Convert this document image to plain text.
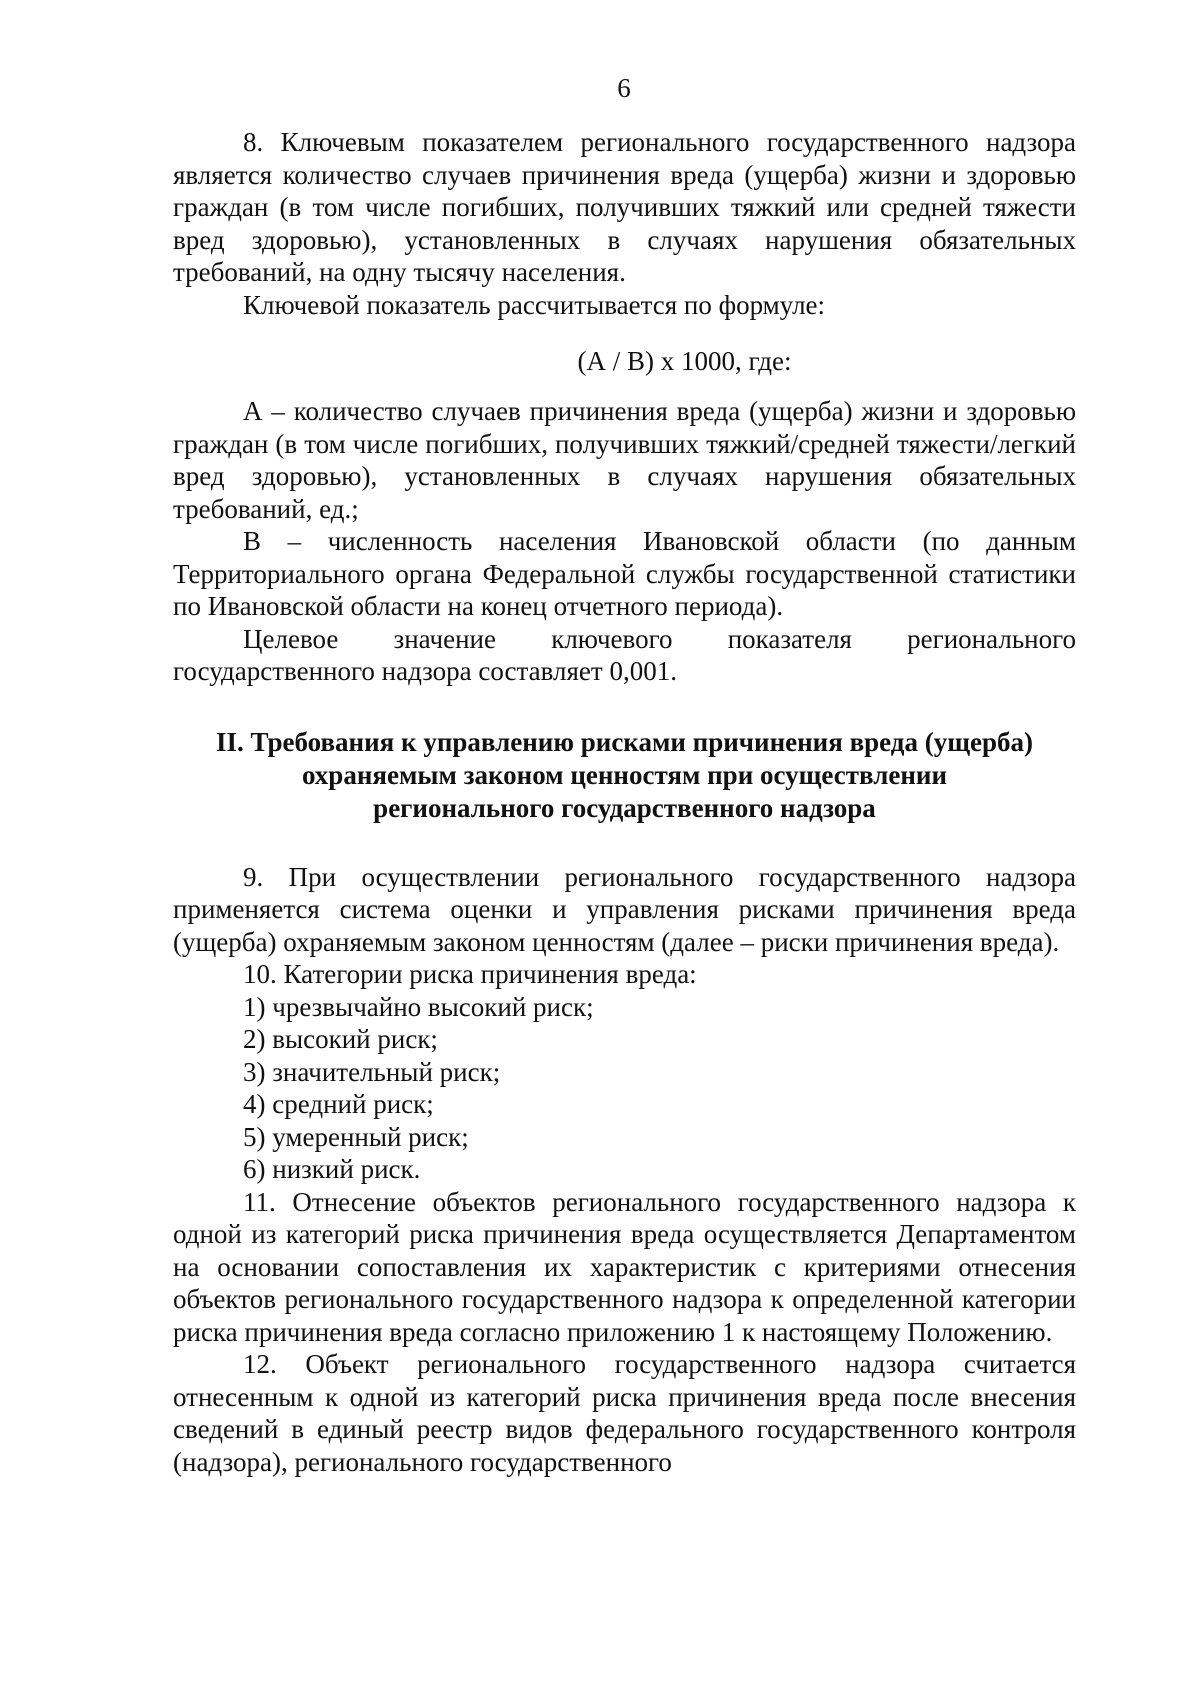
6

8. Ключевым показателем регионального государственного надзора является количество случаев причинения вреда (ущерба) жизни и здоровью граждан (в том числе погибших, получивших тяжкий или средней тяжести вред здоровью), установленных в случаях нарушения обязательных требований, на одну тысячу населения.

Ключевой показатель рассчитывается по формуле:

(А / В) х 1000, где:

А – количество случаев причинения вреда (ущерба) жизни и здоровью граждан (в том числе погибших, получивших тяжкий/средней тяжести/легкий вред здоровью), установленных в случаях нарушения обязательных требований, ед.;

В – численность населения Ивановской области (по данным Территориального органа Федеральной службы государственной статистики по Ивановской области на конец отчетного периода).

Целевое значение ключевого показателя регионального государственного надзора составляет 0,001.

II. Требования к управлению рисками причинения вреда (ущерба)
охраняемым законом ценностям при осуществлении
регионального государственного надзора

9. При осуществлении регионального государственного надзора применяется система оценки и управления рисками причинения вреда (ущерба) охраняемым законом ценностям (далее – риски причинения вреда).

10. Категории риска причинения вреда:

1) чрезвычайно высокий риск;

2) высокий риск;

3) значительный риск;

4) средний риск;

5) умеренный риск;

6) низкий риск.

11. Отнесение объектов регионального государственного надзора к одной из категорий риска причинения вреда осуществляется Департаментом на основании сопоставления их характеристик с критериями отнесения объектов регионального государственного надзора к определенной категории риска причинения вреда согласно приложению 1 к настоящему Положению.

12. Объект регионального государственного надзора считается отнесенным к одной из категорий риска причинения вреда после внесения сведений в единый реестр видов федерального государственного контроля (надзора), регионального государственного
